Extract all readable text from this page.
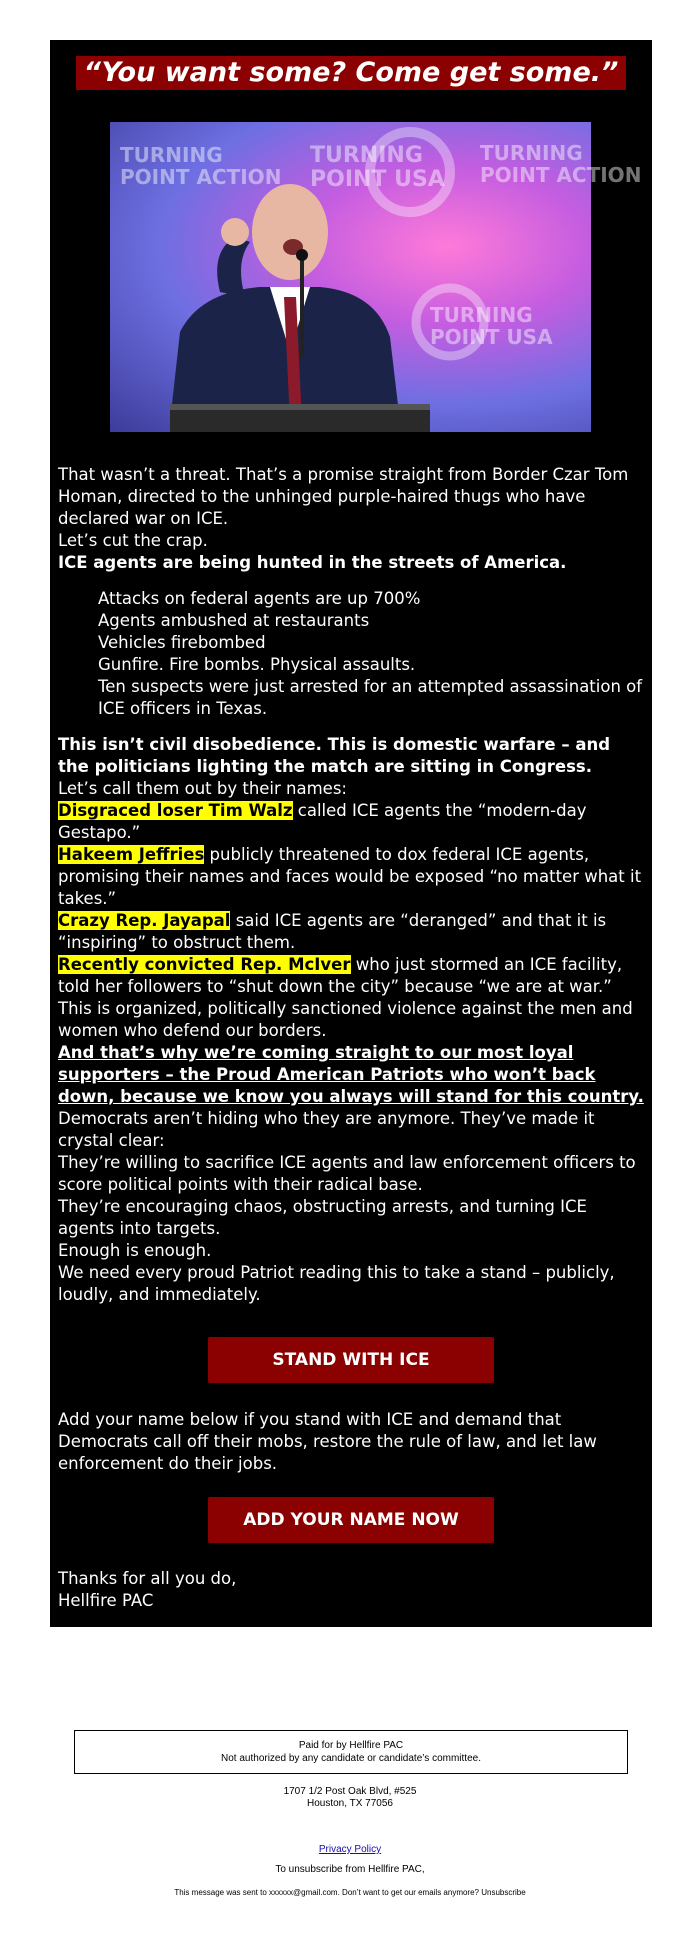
“You want some? Come get some.”
TURNING
POINT ACTION
TURNING
POINT USA
TURNING
POINT ACTION
TURNING
POINT USA

That wasn’t a threat. That’s a promise straight from Border Czar Tom Homan, directed to the unhinged purple-haired thugs who have declared war on ICE.

Let’s cut the crap.

ICE agents are being hunted in the streets of America.

Attacks on federal agents are up 700%
Agents ambushed at restaurants
Vehicles firebombed
Gunfire. Fire bombs. Physical assaults.
Ten suspects were just arrested for an attempted assassination of ICE officers in Texas.

This isn’t civil disobedience. This is domestic warfare – and the politicians lighting the match are sitting in Congress.

Let’s call them out by their names:

Disgraced loser Tim Walz called ICE agents the “modern-day Gestapo.”

Hakeem Jeffries publicly threatened to dox federal ICE agents, promising their names and faces would be exposed “no matter what it takes.”

Crazy Rep. Jayapal said ICE agents are “deranged” and that it is “inspiring” to obstruct them.

Recently convicted Rep. McIver who just stormed an ICE facility, told her followers to “shut down the city” because “we are at war.”

This is organized, politically sanctioned violence against the men and women who defend our borders.

And that’s why we’re coming straight to our most loyal supporters – the Proud American Patriots who won’t back down, because we know you always will stand for this country.

Democrats aren’t hiding who they are anymore. They’ve made it crystal clear:

They’re willing to sacrifice ICE agents and law enforcement officers to score political points with their radical base.

They’re encouraging chaos, obstructing arrests, and turning ICE agents into targets.

Enough is enough.

We need every proud Patriot reading this to take a stand – publicly, loudly, and immediately.

STAND WITH ICE
Add your name below if you stand with ICE and demand that Democrats call off their mobs, restore the rule of law, and let law enforcement do their jobs.
ADD YOUR NAME NOW
Thanks for all you do,
Hellfire PAC
Paid for by Hellfire PAC
Not authorized by any candidate or candidate’s committee.
1707 1/2 Post Oak Blvd, #525
Houston, TX 77056
Privacy Policy
To unsubscribe from Hellfire PAC,
This message was sent to xxxxxx@gmail.com. Don’t want to get our emails anymore? Unsubscribe
